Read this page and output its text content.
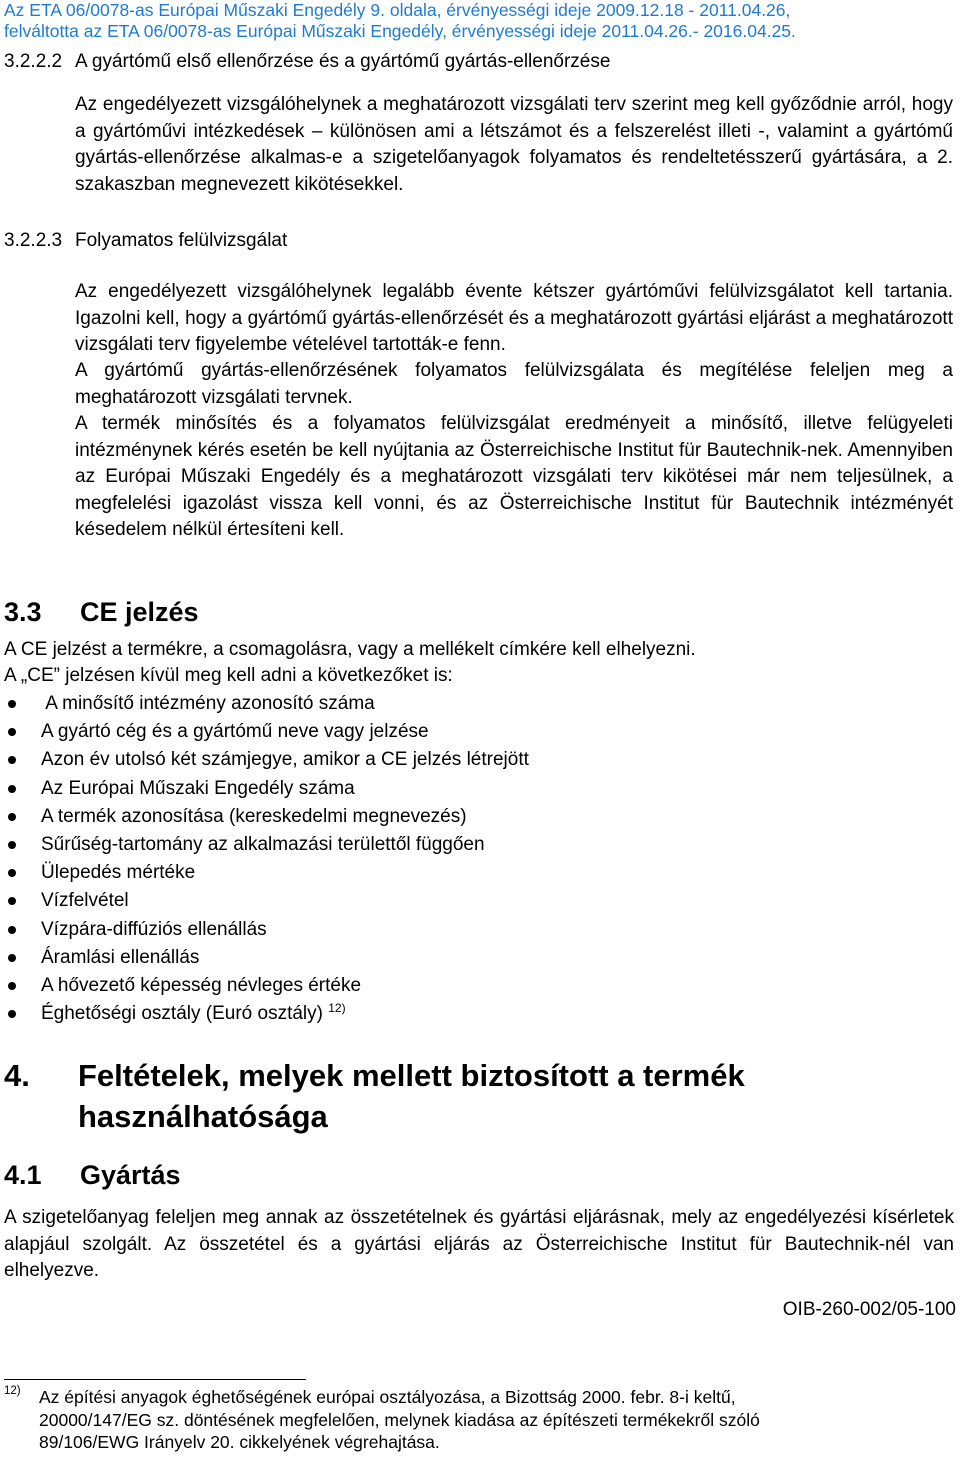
Az ETA 06/0078-as Európai Műszaki Engedély 9. oldala, érvényességi ideje 2009.12.18 - 2011.04.26,
felváltotta az ETA 06/0078-as Európai Műszaki Engedély, érvényességi ideje 2011.04.26.- 2016.04.25.
3.2.2.2 A gyártómű első ellenőrzése és a gyártómű gyártás-ellenőrzése
Az engedélyezett vizsgálóhelynek a meghatározott vizsgálati terv szerint meg kell győződnie arról, hogy a gyártóművi intézkedések – különösen ami a létszámot és a felszerelést illeti -, valamint a gyártómű gyártás-ellenőrzése alkalmas-e a szigetelőanyagok folyamatos és rendeltetésszerű gyártására, a 2. szakaszban megnevezett kikötésekkel.
3.2.2.3 Folyamatos felülvizsgálat
Az engedélyezett vizsgálóhelynek legalább évente kétszer gyártóművi felülvizsgálatot kell tartania. Igazolni kell, hogy a gyártómű gyártás-ellenőrzését és a meghatározott gyártási eljárást a meghatározott vizsgálati terv figyelembe vételével tartották-e fenn.
A gyártómű gyártás-ellenőrzésének folyamatos felülvizsgálata és megítélése feleljen meg a meghatározott vizsgálati tervnek.
A termék minősítés és a folyamatos felülvizsgálat eredményeit a minősítő, illetve felügyeleti intézménynek kérés esetén be kell nyújtania az Österreichische Institut für Bautechnik-nek. Amennyiben az Európai Műszaki Engedély és a meghatározott vizsgálati terv kikötései már nem teljesülnek, a megfelelési igazolást vissza kell vonni, és az Österreichische Institut für Bautechnik intézményét késedelem nélkül értesíteni kell.
3.3 CE jelzés
A CE jelzést a termékre, a csomagolásra, vagy a mellékelt címkére kell elhelyezni.
A „CE” jelzésen kívül meg kell adni a következőket is:
A minősítő intézmény azonosító száma
A gyártó cég és a gyártómű neve vagy jelzése
Azon év utolsó két számjegye, amikor a CE jelzés létrejött
Az Európai Műszaki Engedély száma
A termék azonosítása (kereskedelmi megnevezés)
Sűrűség-tartomány az alkalmazási területtől függően
Ülepedés mértéke
Vízfelvétel
Vízpára-diffúziós ellenállás
Áramlási ellenállás
A hővezető képesség névleges értéke
Éghetőségi osztály (Euró osztály) $^{12)}$
4. Feltételek, melyek mellett biztosított a termék használhatósága
4.1 Gyártás
A szigetelőanyag feleljen meg annak az összetételnek és gyártási eljárásnak, mely az engedélyezési kísérletek alapjául szolgált. Az összetétel és a gyártási eljárás az Österreichische Institut für Bautechnik-nél van elhelyezve.
OIB-260-002/05-100
12) Az építési anyagok éghetőségének európai osztályozása, a Bizottság 2000. febr. 8-i keltű,
20000/147/EG sz. döntésének megfelelően, melynek kiadása az építészeti termékekről szóló
89/106/EWG Irányelv 20. cikkelyének végrehajtása.
